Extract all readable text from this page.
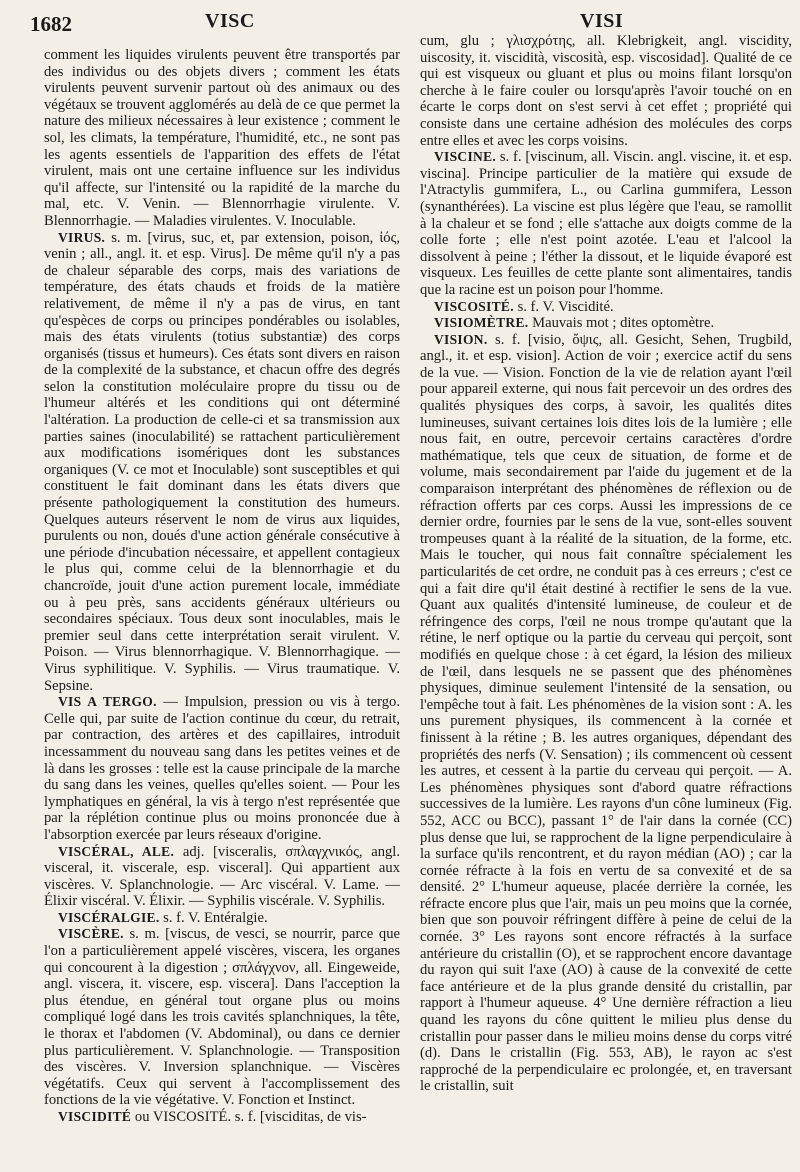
1682	VISC	VISI

comment les liquides virulents peuvent être transportés par des individus ou des objets divers ; comment les états virulents peuvent survenir partout où des animaux ou des végétaux se trouvent agglomérés au delà de ce que permet la nature des milieux nécessaires à leur existence ; comment le sol, les climats, la température, l'humidité, etc., ne sont pas les agents essentiels de l'apparition des effets de l'état virulent, mais ont une certaine influence sur les individus qu'il affecte, sur l'intensité ou la rapidité de la marche du mal, etc. V. Venin. — Blennorrhagie virulente. V. Blennorrhagie. — Maladies virulentes. V. Inoculable.

VIRUS. s. m. [virus, suc, et, par extension, poison, ἰός, venin ; all., angl. it. et esp. Virus]. De même qu'il n'y a pas de chaleur séparable des corps, mais des variations de température, des états chauds et froids de la matière relativement, de même il n'y a pas de virus, en tant qu'espèces de corps ou principes pondérables ou isolables, mais des états virulents (totius substantiæ) des corps organisés (tissus et humeurs). Ces états sont divers en raison de la complexité de la substance, et chacun offre des degrés selon la constitution moléculaire propre du tissu ou de l'humeur altérés et les conditions qui ont déterminé l'altération. La production de celle-ci et sa transmission aux parties saines (inoculabilité) se rattachent particulièrement aux modifications isomériques dont les substances organiques (V. ce mot et Inoculable) sont susceptibles et qui constituent le fait dominant dans les états divers que présente pathologiquement la constitution des humeurs. Quelques auteurs réservent le nom de virus aux liquides, purulents ou non, doués d'une action générale consécutive à une période d'incubation nécessaire, et appellent contagieux le plus qui, comme celui de la blennorrhagie et du chancroïde, jouit d'une action purement locale, immédiate ou à peu près, sans accidents généraux ultérieurs ou secondaires spéciaux. Tous deux sont inoculables, mais le premier seul dans cette interprétation serait virulent. V. Poison. — Virus blennorrhagique. V. Blennorrhagique. — Virus syphilitique. V. Syphilis. — Virus traumatique. V. Sepsine.

VIS A TERGO. — Impulsion, pression ou vis à tergo. Celle qui, par suite de l'action continue du cœur, du retrait, par contraction, des artères et des capillaires, introduit incessamment du nouveau sang dans les petites veines et de là dans les grosses : telle est la cause principale de la marche du sang dans les veines, quelles qu'elles soient. — Pour les lymphatiques en général, la vis à tergo n'est représentée que par la réplétion continue plus ou moins prononcée due à l'absorption exercée par leurs réseaux d'origine.

VISCÉRAL, ALE. adj. [visceralis, σπλαγχνικός, angl. visceral, it. viscerale, esp. visceral]. Qui appartient aux viscères. V. Splanchnologie. — Arc viscéral. V. Lame. — Élixir viscéral. V. Élixir. — Syphilis viscérale. V. Syphilis.

VISCÉRALGIE. s. f. V. Entéralgie.

VISCÈRE. s. m. [viscus, de vesci, se nourrir, parce que l'on a particulièrement appelé viscères, viscera, les organes qui concourent à la digestion ; σπλάγχνον, all. Eingeweide, angl. viscera, it. viscere, esp. viscera]. Dans l'acception la plus étendue, en général tout organe plus ou moins compliqué logé dans les trois cavités splanchniques, la tête, le thorax et l'abdomen (V. Abdominal), ou dans ce dernier plus particulièrement. V. Splanchnologie. — Transposition des viscères. V. Inversion splanchnique. — Viscères végétatifs. Ceux qui servent à l'accomplissement des fonctions de la vie végétative. V. Fonction et Instinct.

VISCIDITÉ ou VISCOSITÉ. s. f. [visciditas, de vis-

cum, glu ; γλισχρότης, all. Klebrigkeit, angl. viscidity, uiscosity, it. viscidità, viscosità, esp. viscosidad]. Qualité de ce qui est visqueux ou gluant et plus ou moins filant lorsqu'on cherche à le faire couler ou lorsqu'après l'avoir touché on en écarte le corps dont on s'est servi à cet effet ; propriété qui consiste dans une certaine adhésion des molécules des corps entre elles et avec les corps voisins.

VISCINE. s. f. [viscinum, all. Viscin. angl. viscine, it. et esp. viscina]. Principe particulier de la matière qui exsude de l'Atractylis gummifera, L., ou Carlina gummifera, Lesson (synanthérées). La viscine est plus légère que l'eau, se ramollit à la chaleur et se fond ; elle s'attache aux doigts comme de la colle forte ; elle n'est point azotée. L'eau et l'alcool la dissolvent à peine ; l'éther la dissout, et le liquide évaporé est visqueux. Les feuilles de cette plante sont alimentaires, tandis que la racine est un poison pour l'homme.

VISCOSITÉ. s. f. V. Viscidité.

VISIOMÈTRE. Mauvais mot ; dites optomètre.

VISION. s. f. [visio, ὄψις, all. Gesicht, Sehen, Trugbild, angl., it. et esp. vision]. Action de voir ; exercice actif du sens de la vue. — Vision. Fonction de la vie de relation ayant l'œil pour appareil externe, qui nous fait percevoir un des ordres des qualités physiques des corps, à savoir, les qualités dites lumineuses, suivant certaines lois dites lois de la lumière ; elle nous fait, en outre, percevoir certains caractères d'ordre mathématique, tels que ceux de situation, de forme et de volume, mais secondairement par l'aide du jugement et de la comparaison interprétant des phénomènes de réflexion ou de réfraction offerts par ces corps. Aussi les impressions de ce dernier ordre, fournies par le sens de la vue, sont-elles souvent trompeuses quant à la réalité de la situation, de la forme, etc. Mais le toucher, qui nous fait connaître spécialement les particularités de cet ordre, ne conduit pas à ces erreurs ; c'est ce qui a fait dire qu'il était destiné à rectifier le sens de la vue. Quant aux qualités d'intensité lumineuse, de couleur et de réfringence des corps, l'œil ne nous trompe qu'autant que la rétine, le nerf optique ou la partie du cerveau qui perçoit, sont modifiés en quelque chose : à cet égard, la lésion des milieux de l'œil, dans lesquels ne se passent que des phénomènes physiques, diminue seulement l'intensité de la sensation, ou l'empêche tout à fait. Les phénomènes de la vision sont : A. les uns purement physiques, ils commencent à la cornée et finissent à la rétine ; B. les autres organiques, dépendant des propriétés des nerfs (V. Sensation) ; ils commencent où cessent les autres, et cessent à la partie du cerveau qui perçoit. — A. Les phénomènes physiques sont d'abord quatre réfractions successives de la lumière. Les rayons d'un cône lumineux (Fig. 552, ACC ou BCC), passant 1° de l'air dans la cornée (CC) plus dense que lui, se rapprochent de la ligne perpendiculaire à la surface qu'ils rencontrent, et du rayon médian (AO) ; car la cornée réfracte à la fois en vertu de sa convexité et de sa densité. 2° L'humeur aqueuse, placée derrière la cornée, les réfracte encore plus que l'air, mais un peu moins que la cornée, bien que son pouvoir réfringent diffère à peine de celui de la cornée. 3° Les rayons sont encore réfractés à la surface antérieure du cristallin (O), et se rapprochent encore davantage du rayon qui suit l'axe (AO) à cause de la convexité de cette face antérieure et de la plus grande densité du cristallin, par rapport à l'humeur aqueuse. 4° Une dernière réfraction a lieu quand les rayons du cône quittent le milieu plus dense du cristallin pour passer dans le milieu moins dense du corps vitré (d). Dans le cristallin (Fig. 553, AB), le rayon ac s'est rapproché de la perpendiculaire ec prolongée, et, en traversant le cristallin, suit
